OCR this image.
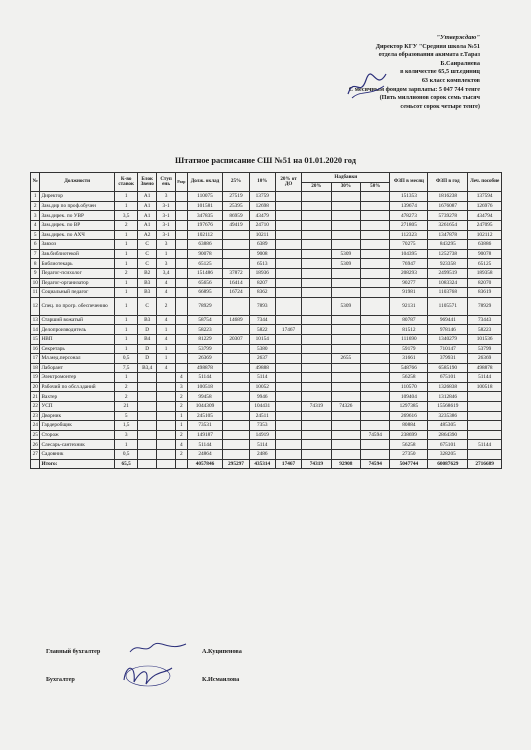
"Утверждаю"
Директор КГУ "Средняя школа №51
отдела образования акимата г.Тараз
Б.Саиралиева
в количестве 65,5 шт.единиц
63 класс комплектов
С месячным фондом зарплаты: 5 047 744 тенге
(Пять миллионов сорок семь тысяч
семьсот сорок четыре тенге)
Штатное расписание СШ №51 на 01.01.2020 год
№	Должности	К-во ставок	Блок Звено	Ступ ень	Разр	Долж. оклад	25%	10%	20% от ДО	Надбавки			ФЗП в месяц	ФЗП в год	Леч. пособие
										20%	30%	50%			
1	Директор	1	A1	3		110075	27519	13759					151353	1816238	137594
2	Зам.дир по проф.обучен	1	A1	3-1		101581	25395	12698					139674	1676087	126976
3	Зам.дирек. по УВР	3,5	A1	3-1		347835	86959	43479					478273	5739278	434794
4	Зам.дирек. по ВР	2	A1	3-1		197676	49419	24710					271805	3261654	247095
5	Зам.дирек. по АХЧ	1	A2	3-1		102112		10211					112323	1347878	102112
6	Завхоз	1	C	3		63886		6389					70275	843295	63886
7	Зав.библиотекой	1	C	1		90078		9008			5309		104395	1252738	90078
8	Библиотекарь	1	C	3		65125		6513			5309		76947	923358	65125
9	Педагог-психолог	2	B2	3,4		151486	37872	18936					208293	2499519	189358
10	Педагог-организатор	1	B3	4		65656	16414	8207					90277	1083324	82070
11	Социальный педагог	1	B3	4		66895	16724	8362					91981	1103768	83619
12	Спец. по прогр. обеспечению	1	C	2		78929		7893			5309		92131	1105571	78929
13	Старший вожатый	1	B3	4		58754	14689	7344					80787	969441	73443
14	Делопроизводитель	1	D	1		58223		5822	17467				81512	978146	58223
15	НВП	1	B4	4		81229	20307	10154					111690	1340279	101536
16	Секретарь	1	D	1		53799		5380					59179	710147	53799
17	Мл.мед.персонал	0,5	D	1		26369		2637			2655		31661	379931	26369
18	Лаборант	7,5	B3,4	4		498878		49888					548766	6585190	498878
19	Электромонтер	1			4	51144		5114					56258	675101	51144
20	Рабочий по обсл.зданий	2			3	100518		10052					110570	1326838	100518
21	Вахтер	2			2	99458		9946					109404	1312846	
22	УСП	21			2	1044309		104431		74319	74326		1297385	15568619	
23	Дворник	5			1	245105		24511					269616	3235386	
24	Гардеробщик	1,5			1	73531		7353					80884	485305	
25	Сторож	3			2	149187		14919				74594	238699	2864390	
26	Слесарь-сантехник	1			4	51144		5114					56258	675101	51144
27	Садовник	0,5			2	24864		2486					27350	328205	
	Итого:	65,5				4057846	295297	435314	17467	74319	92908	74594	5047744	60087629	2716689
Главный бухгалтер	А.Куципенова
Бухгалтер	К.Исмаилова
